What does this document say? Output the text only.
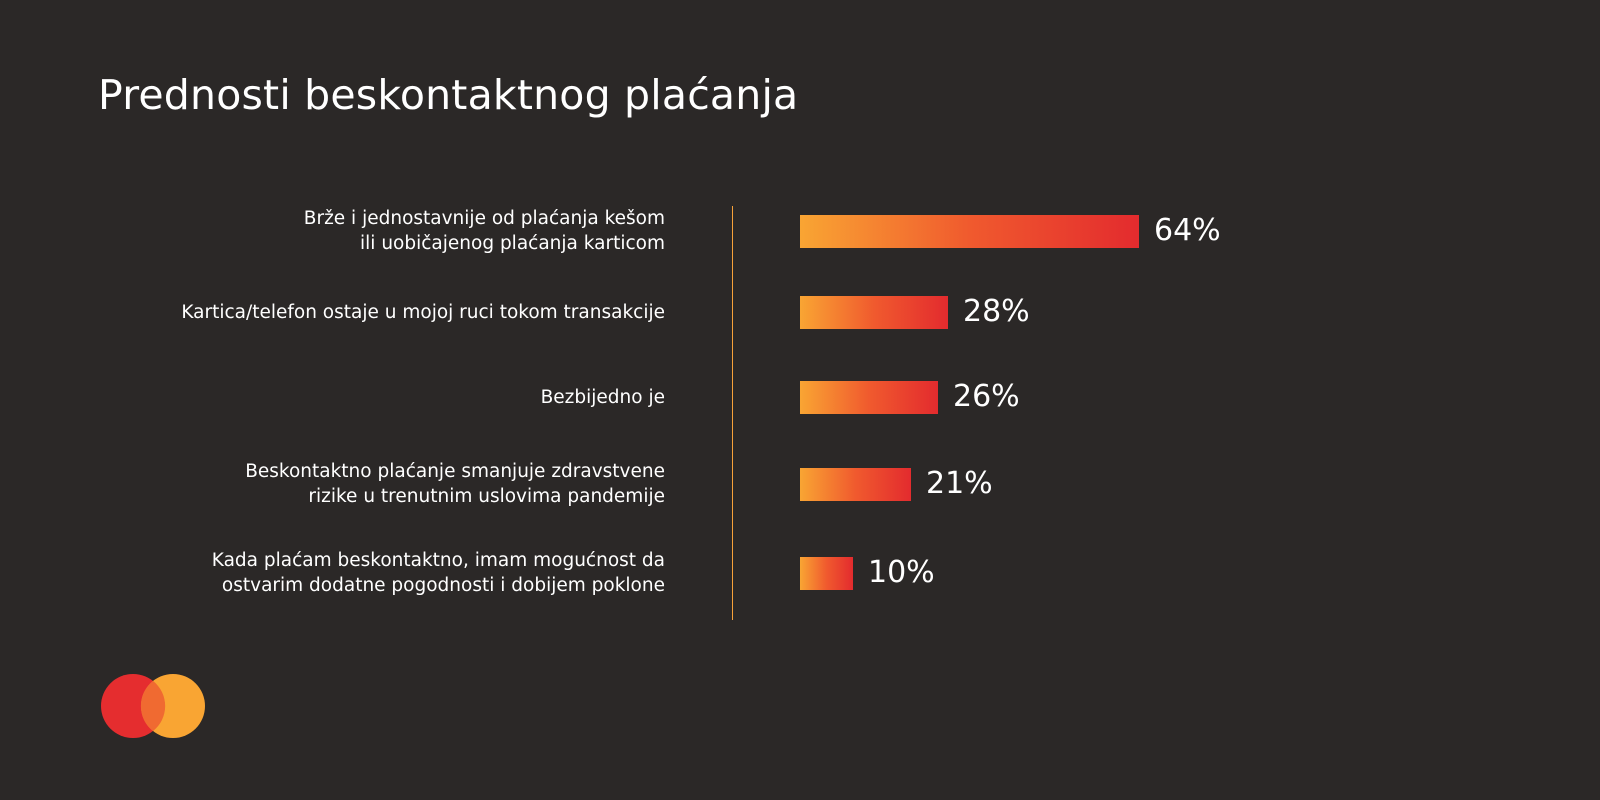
Prednosti beskontaktnog plaćanja
Brže i jednostavnije od plaćanja kešom
ili uobičajenog plaćanja karticom	64%
Kartica/telefon ostaje u mojoj ruci tokom transakcije	28%
Bezbijedno je	26%
Beskontaktno plaćanje smanjuje zdravstvene
rizike u trenutnim uslovima pandemije	21%
Kada plaćam beskontaktno, imam mogućnost da
ostvarim dodatne pogodnosti i dobijem poklone	10%
